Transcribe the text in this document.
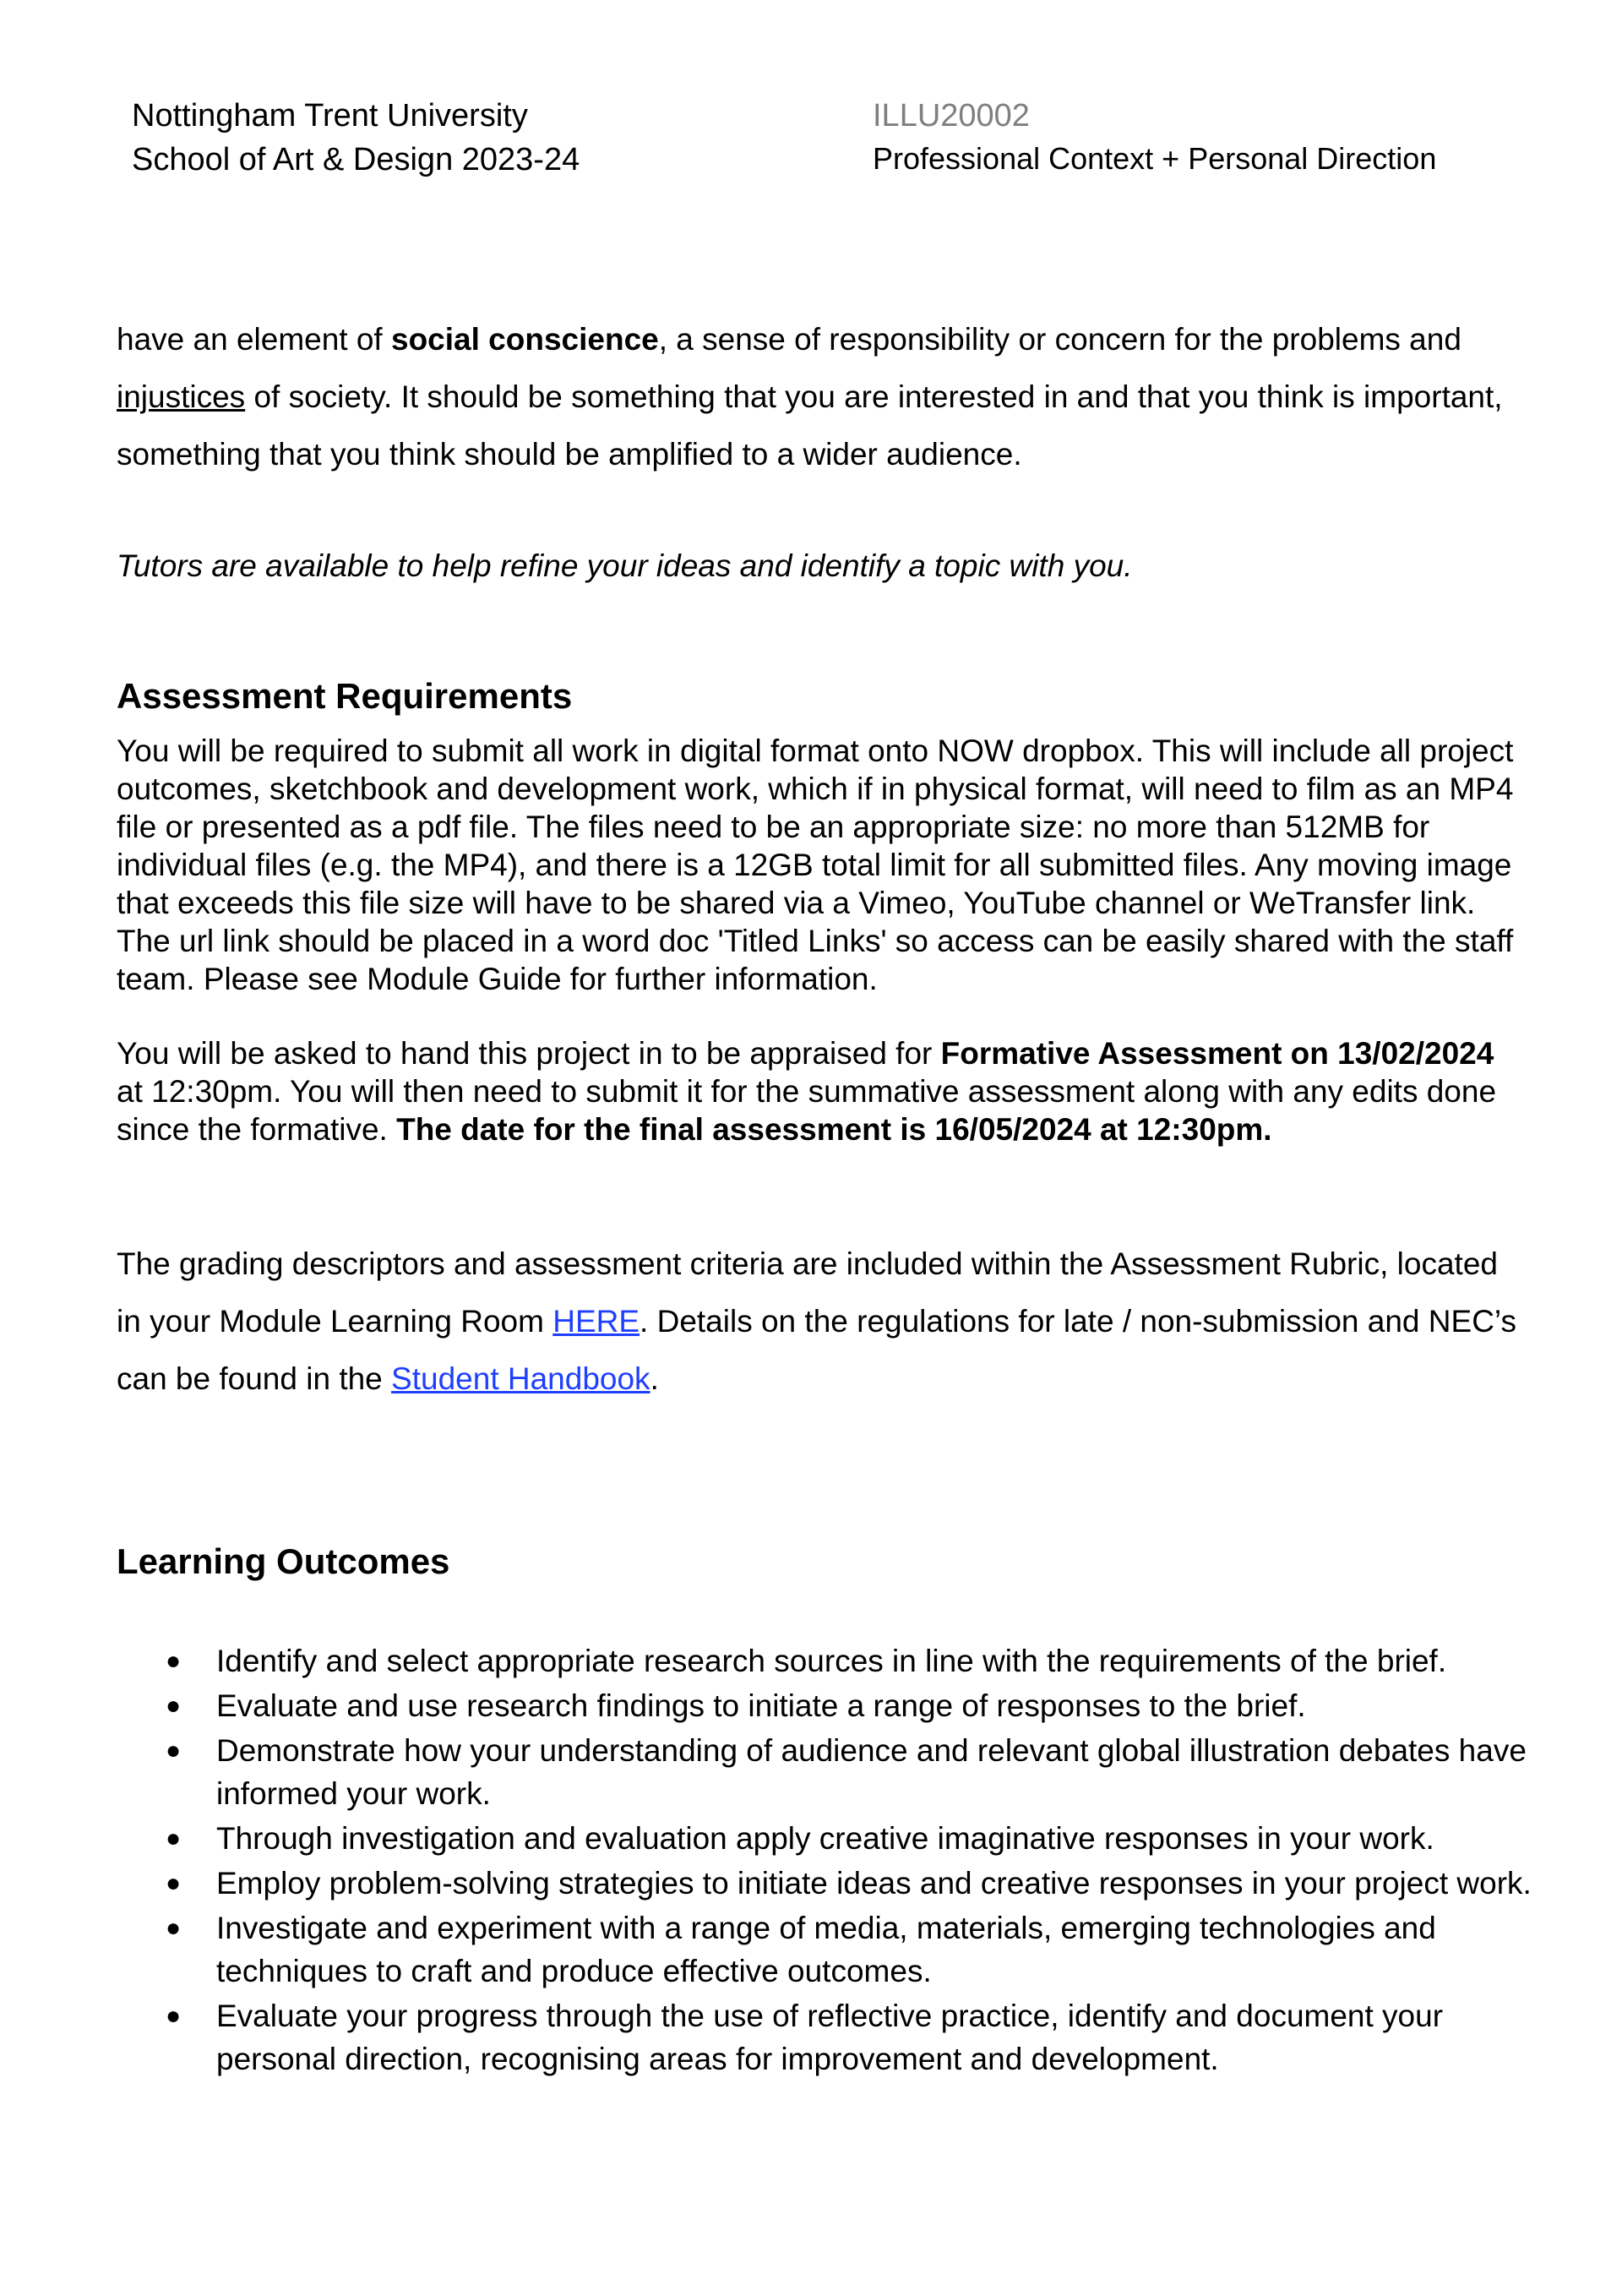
Nottingham Trent University
School of Art & Design 2023-24
ILLU20002
Professional Context + Personal Direction
have an element of social conscience, a sense of responsibility or concern for the problems and injustices of society. It should be something that you are interested in and that you think is important, something that you think should be amplified to a wider audience.
Tutors are available to help refine your ideas and identify a topic with you.
Assessment Requirements
You will be required to submit all work in digital format onto NOW dropbox. This will include all project outcomes, sketchbook and development work, which if in physical format, will need to film as an MP4 file or presented as a pdf file. The files need to be an appropriate size: no more than 512MB for individual files (e.g. the MP4), and there is a 12GB total limit for all submitted files. Any moving image that exceeds this file size will have to be shared via a Vimeo, YouTube channel or WeTransfer link. The url link should be placed in a word doc 'Titled Links' so access can be easily shared with the staff team. Please see Module Guide for further information.
You will be asked to hand this project in to be appraised for Formative Assessment on 13/02/2024 at 12:30pm. You will then need to submit it for the summative assessment along with any edits done since the formative. The date for the final assessment is 16/05/2024 at 12:30pm.
The grading descriptors and assessment criteria are included within the Assessment Rubric, located in your Module Learning Room HERE. Details on the regulations for late / non-submission and NEC’s can be found in the Student Handbook.
Learning Outcomes
● Identify and select appropriate research sources in line with the requirements of the brief.
● Evaluate and use research findings to initiate a range of responses to the brief.
● Demonstrate how your understanding of audience and relevant global illustration debates have informed your work.
● Through investigation and evaluation apply creative imaginative responses in your work.
● Employ problem-solving strategies to initiate ideas and creative responses in your project work.
● Investigate and experiment with a range of media, materials, emerging technologies and techniques to craft and produce effective outcomes.
● Evaluate your progress through the use of reflective practice, identify and document your personal direction, recognising areas for improvement and development.
